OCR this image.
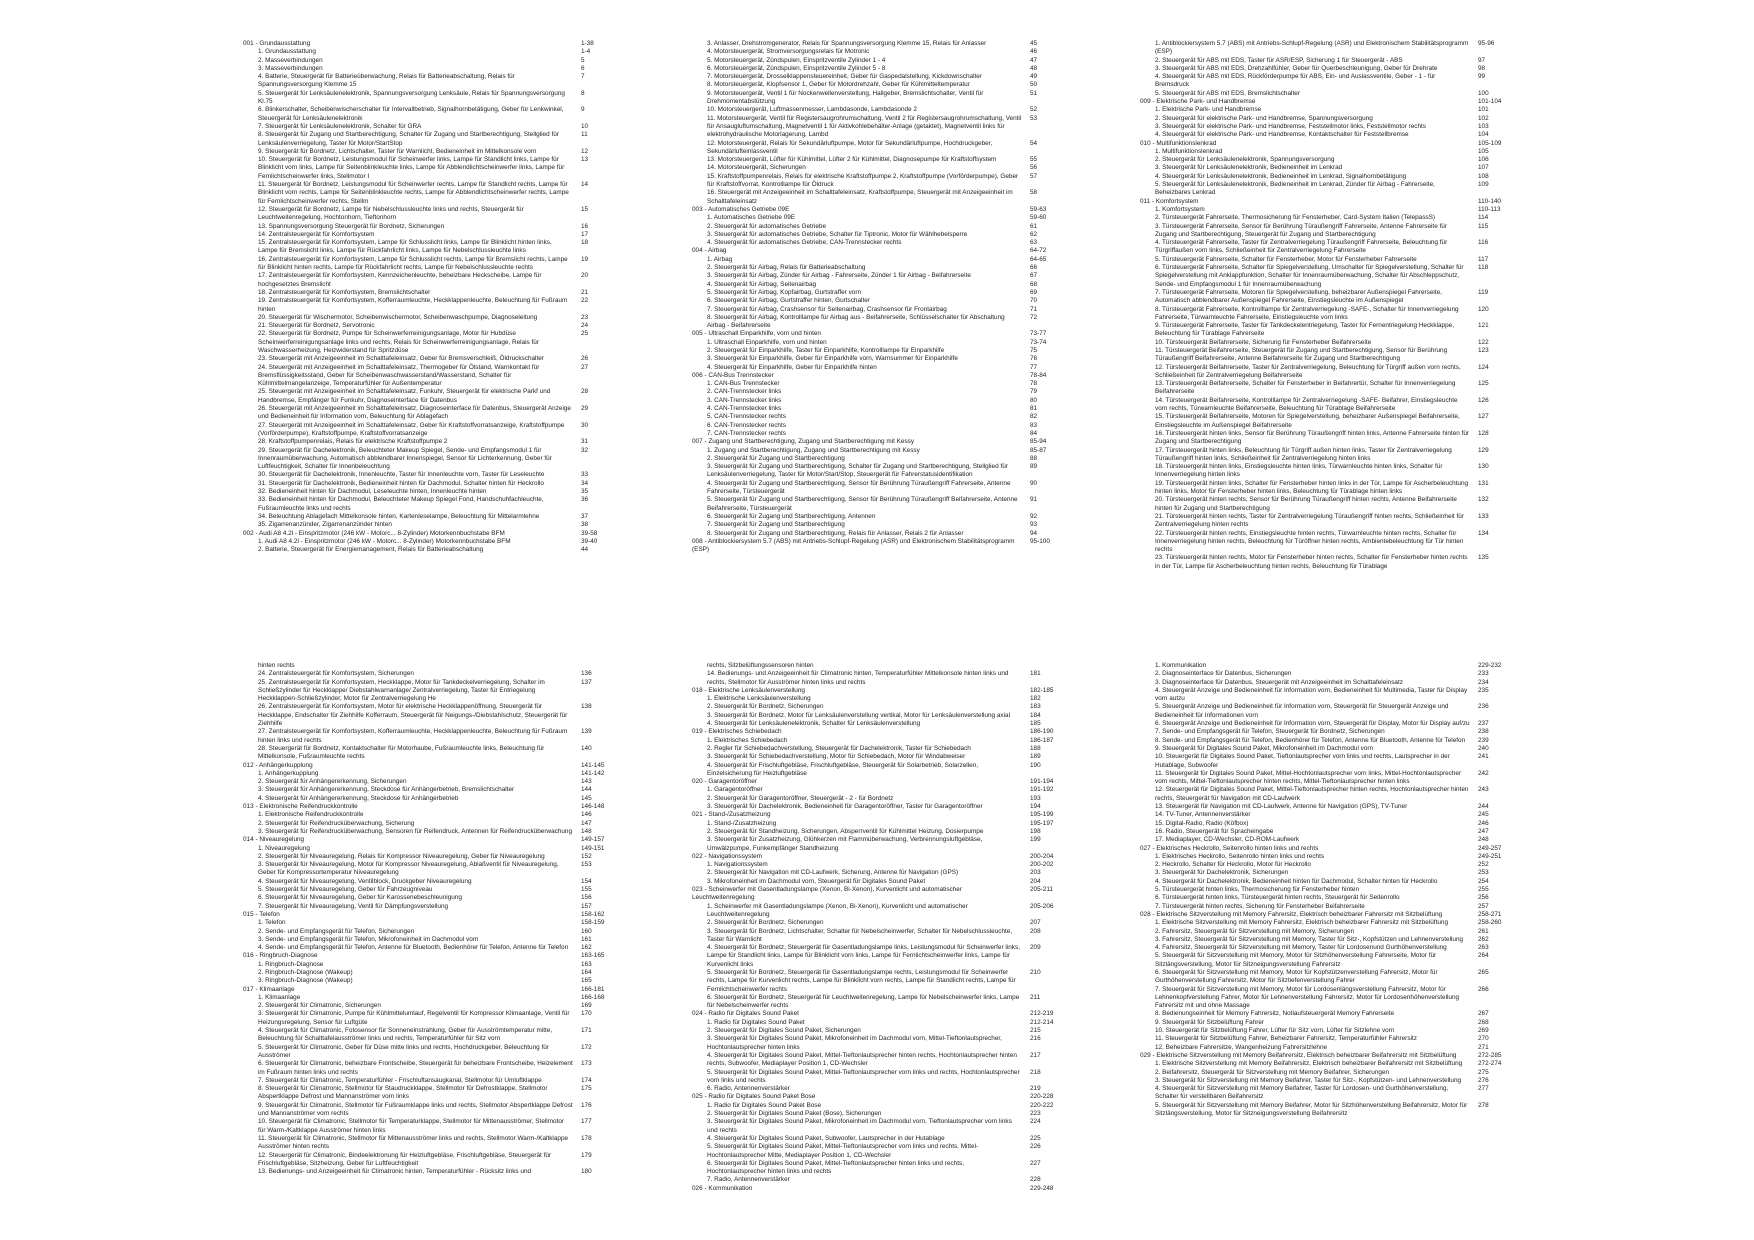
001 - Grundausstattung	1-38
1. Grundausstattung	1-4
2. Masseverbindungen	5
3. Masseverbindungen	6
4. Batterie, Steuergerät für Batterieüberwachung, Relais für Batterieabschaltung, Relais für Spannungsversorgung Klemme 15
7
5. Steuergerät für Lenksäulenelektronik, Spannungsversorgung Lenksäule, Relais für Spannungsversorgung Kl.75
8
6. Blinkerschalter, Scheibenwischerschalter für Intervallbetrieb, Signalhornbetätigung, Geber für Lenkwinkel, Steuergerät für Lenksäulenelektronik
9
7. Steuergerät für Lenksäulenelektronik, Schalter für GRA	10
8. Steuergerät für Zugang und Startberechtigung, Schalter für Zugang und Startberechtigung, Stellglied für Lenksäulenverriegelung, Taster für Motor/StartStop
11
9. Steuergerät für Bordnetz, Lichtschalter, Taster für Warnlicht, Bedieneinheit im Mittelkonsole vorn	12
10. Steuergerät für Bordnetz, Leistungsmodul für Scheinwerfer links, Lampe für Standlicht links, Lampe für Blinklicht vorn links, Lampe für Seitenblinkleuchte links, Lampe für Abblendlichtscheinwerfer links, Lampe für Fernlichtscheinwerfer links, Stellmotor I
13
11. Steuergerät für Bordnetz, Leistungsmodul für Scheinwerfer rechts, Lampe für Standlicht rechts, Lampe für Blinklicht vorn rechts, Lampe für Seitenblinkleuchte rechts, Lampe für Abblendlichtscheinwerfer rechts, Lampe für Fernlichtscheinwerfer rechts, Stellm
14
12. Steuergerät für Bordnetz, Lampe für Nebelschlussleuchte links und rechts, Steuergerät für Leuchtweitenregelung, Hochtonhorn, Tieftonhorn
15
13. Spannungsversorgung Steuergerät für Bordnetz, Sicherungen	16
14. Zentralsteuergerät für Komfortsystem	17
15. Zentralsteuergerät für Komfortsystem, Lampe für Schlusslicht links, Lampe für Blinklicht hinten links, Lampe für Bremslicht links, Lampe für Rückfahrlicht links, Lampe für Nebelschlussleuchte links
18
16. Zentralsteuergerät für Komfortsystem, Lampe für Schlusslicht rechts, Lampe für Bremslicht rechts, Lampe für Blinklicht hinten rechts, Lampe für Rückfahrlicht rechts, Lampe für Nebelschlussleuchte rechts
19
17. Zentralsteuergerät für Komfortsystem, Kennzeichenleuchte, beheizbare Heckscheibe, Lampe für hochgesetztes Bremslicht
20
18. Zentralsteuergerät für Komfortsystem, Bremslichtschalter	21
19. Zentralsteuergerät für Komfortsystem, Kofferraumleuchte, Heckklappenleuchte, Beleuchtung für Fußraum hinten
22
20. Steuergerät für Wischermotor, Scheibenwischermotor, Scheibenwaschpumpe, Diagnoseleitung	23
21. Steuergerät für Bordnetz, Servotronic	24
22. Steuergerät für Bordnetz, Pumpe für Scheinwerferreinigungsanlage, Motor für Hubdüse Scheinwerferreinigungsanlage links und rechts, Relais für Scheinwerferreinigungsanlage, Relais für Waschwasserheizung, Heizwiderstand für Spritzdüse
25
23. Steuergerät mit Anzeigeeinheit im Schalttafeleinsatz, Geber für Bremsverschleiß, Öldruckschalter	26
24. Steuergerät mit Anzeigeeinheit im Schalttafeleinsatz, Thermogeber für Ölstand, Warnkontakt für Bremsflüssigkeitsstand, Geber für Scheibenwaschwasserstand/Wasserstand, Schalter für Kühlmittelmangelanzeige, Temperaturfühler für Außentemperatur
27
25. Steuergerät mit Anzeigeeinheit im Schalttafeleinsatz, Funkuhr, Steuergerät für elektrische Parkf und Handbremse, Empfänger für Funkuhr, Diagnoseinterface für Datenbus
28
26. Steuergerät mit Anzeigeeinheit im Schalttafeleinsatz, Diagnoseinterface für Datenbus, Steuergerät Anzeige und Bedieneinheit für Information vorn, Beleuchtung für Ablagefach
29
27. Steuergerät mit Anzeigeeinheit im Schalttafeleinsatz, Geber für Kraftstoffvorratsanzeige, Kraftstoffpumpe (Vorförderpumpe), Kraftstoffpumpe, Kraftstoffvorratsanzeige
30
28. Kraftstoffpumpenrelais, Relais für elektrische Kraftstoffpumpe 2	31
29. Steuergerät für Dachelektronik, Beleuchteter Makeup Spiegel, Sende- und Empfangsmodul 1 für Innenraumüberwachung, Automatisch abblendbarer Innenspiegel, Sensor für Lichterkennung, Geber für Luftfeuchtigkeit, Schalter für Innenbeleuchtung
32
30. Steuergerät für Dachelektronik, Innenleuchte, Taster für Innenleuchte vorn, Taster für Leseleuchte	33
31. Steuergerät für Dachelektronik, Bedieneinheit hinten für Dachmodul, Schalter hinten für Heckrollo	34
32. Bedieneinheit hinten für Dachmodul, Leseleuchte hinten, Innenleuchte hinten	35
33. Bedieneinheit hinten für Dachmodul, Beleuchteter Makeup Spiegel Fond, Handschuhfachleuchte, Fußraumleuchte links und rechts
36
34. Beleuchtung Ablagefach Mittelkonsole hinten, Kartenleselampe, Beleuchtung für Mittelarmlehne	37
35. Zigarrenanzünder, Zigarrenanzünder hinten	38
002 - Audi A8 4.2l - Einspritzmotor (246 kW - Motorc... 8-Zylinder) Motorkennbuchstabe BFM	39-58
1. Audi A8 4.2l - Einspritzmotor (246 kW - Motorc... 8-Zylinder) Motorkennbuchstabe BFM	39-40
2. Batterie, Steuergerät für Energiemanagement, Relais für Batterieabschaltung	44
3. Anlasser, Drehstromgenerator, Relais für Spannungsversorgung Klemme 15, Relais für Anlasser	45
4. Motorsteuergerät, Stromversorgungsrelais für Motronic	46
5. Motorsteuergerät, Zündspulen, Einspritzventile Zylinder 1 - 4	47
6. Motorsteuergerät, Zündspulen, Einspritzventile Zylinder 5 - 8	48
7. Motorsteuergerät, Drosselklappensteuereinheit, Geber für Gaspedalstellung, Kickdownschalter	49
8. Motorsteuergerät, Klopfsensor 1, Geber für Motordrehzahl, Geber für Kühlmitteltemperatur	50
9. Motorsteuergerät, Ventil 1 für Nockenwellenverstellung, Hallgeber, Bremslichtschalter, Ventil für Drehmomentabstützung
51
10. Motorsteuergerät, Luftmassenmesser, Lambdasonde, Lambdasonde 2	52
11. Motorsteuergerät, Ventil für Registersaugrohrumschaltung, Ventil 2 für Registersaugrohrumschaltung, Ventil für Ansaugluftumschaltung, Magnetventil 1 für Aktivkohlebehälter-Anlage (getaktet), Magnetventil links für elektrohydraulische Motorlagerung, Lambd
53
12. Motorsteuergerät, Relais für Sekundärluftpumpe, Motor für Sekundärluftpumpe, Hochdruckgeber, Sekundärlufteinlassventil
54
13. Motorsteuergerät, Lüfter für Kühlmittel, Lüfter 2 für Kühlmittel, Diagnosepumpe für Kraftstoffsystem	55
14. Motorsteuergerät, Sicherungen	56
15. Kraftstoffpumpenrelais, Relais für elektrische Kraftstoffpumpe 2, Kraftstoffpumpe (Vorförderpumpe), Geber für Kraftstoffvorrat, Kontrolllampe für Öldruck
57
16. Steuergerät mit Anzeigeeinheit im Schalttafeleinsatz, Kraftstoffpumpe, Steuergerät mit Anzeigeeinheit im Schalttafeleinsatz
58
003 - Automatisches Getriebe 09E	59-63
1. Automatisches Getriebe 09E	59-60
2. Steuergerät für automatisches Getriebe	61
3. Steuergerät für automatisches Getriebe, Schalter für Tiptronic, Motor für Wählhebelsperre	62
4. Steuergerät für automatisches Getriebe, CAN-Trennstecker rechts	63
004 - Airbag	64-72
1. Airbag	64-65
2. Steuergerät für Airbag, Relais für Batterieabschaltung	66
3. Steuergerät für Airbag, Zünder für Airbag - Fahrerseite, Zünder 1 für Airbag - Beifahrerseite	67
4. Steuergerät für Airbag, Seitenairbag	68
5. Steuergerät für Airbag, Kopfairbag, Gurtstraffer vorn	69
6. Steuergerät für Airbag, Gurtstraffer hinten, Gurtschalter	70
7. Steuergerät für Airbag, Crashsensor für Seitenairbag, Crashsensor für Frontairbag	71
8. Steuergerät für Airbag, Kontrolllampe für Airbag aus - Beifahrerseite, Schlüsselschalter für Abschaltung Airbag - Beifahrerseite
72
005 - Ultraschall Einparkhilfe, vorn und hinten	73-77
1. Ultraschall Einparkhilfe, vorn und hinten	73-74
2. Steuergerät für Einparkhilfe, Taster für Einparkhilfe, Kontrolllampe für Einparkhilfe	75
3. Steuergerät für Einparkhilfe, Geber für Einparkhilfe vorn, Warnsummer für Einparkhilfe	76
4. Steuergerät für Einparkhilfe, Geber für Einparkhilfe hinten	77
006 - CAN-Bus Trennstecker	78-84
1. CAN-Bus Trennstecker	78
2. CAN-Trennstecker links	79
3. CAN-Trennstecker links	80
4. CAN-Trennstecker links	81
5. CAN-Trennstecker rechts	82
6. CAN-Trennstecker rechts	83
7. CAN-Trennstecker rechts	84
007 - Zugang und Startberechtigung, Zugang und Startberechtigung mit Kessy	85-94
1. Zugang und Startberechtigung, Zugang und Startberechtigung mit Kessy	85-87
2. Steuergerät für Zugang und Startberechtigung	88
3. Steuergerät für Zugang und Startberechtigung, Schalter für Zugang und Startberechtigung, Stellglied für Lenksäulenverriegelung, Taster für Motor/Start/Stop, Steuergerät für Fahrerstatusidentifikation
89
4. Steuergerät für Zugang und Startberechtigung, Sensor für Berührung Türaußengriff Fahrerseite, Antenne Fahrerseite, Türsteuergerät
90
5. Steuergerät für Zugang und Startberechtigung, Sensor für Berührung Türaußengriff Beifahrerseite, Antenne Beifahrerseite, Türsteuergerät
91
6. Steuergerät für Zugang und Startberechtigung, Antennen	92
7. Steuergerät für Zugang und Startberechtigung	93
8. Steuergerät für Zugang und Startberechtigung, Relais für Anlasser, Relais 2 für Anlasser	94
008 - Antiblockiersystem 5.7 (ABS) mit Antriebs-Schlupf-Regelung (ASR) und Elektronischem Stabilitätsprogramm (ESP)
95-100
1. Antiblockiersystem 5.7 (ABS) mit Antriebs-Schlupf-Regelung (ASR) und Elektronischem Stabilitätsprogramm (ESP)
95-96
2. Steuergerät für ABS mit EDS, Taster für ASR/ESP, Sicherung 1 für Steuergerät - ABS	97
3. Steuergerät für ABS mit EDS, Drehzahlfühler, Geber für Querbeschleunigung, Geber für Drehrate	98
4. Steuergerät für ABS mit EDS, Rückförderpumpe für ABS, Ein- und Auslassventile, Geber - 1 - für Bremsdruck
99
5. Steuergerät für ABS mit EDS, Bremslichtschalter	100
009 - Elektrische Park- und Handbremse	101-104
1. Elektrische Park- und Handbremse	101
2. Steuergerät für elektrische Park- und Handbremse, Spannungsversorgung	102
3. Steuergerät für elektrische Park- und Handbremse, Feststellmotor links, Feststellmotor rechts	103
4. Steuergerät für elektrische Park- und Handbremse, Kontaktschalter für Feststellbremse	104
010 - Multifunktionslenkrad	105-109
1. Multifunktionslenkrad	105
2. Steuergerät für Lenksäulenelektronik, Spannungsversorgung	106
3. Steuergerät für Lenksäulenelektronik, Bedieneinheit im Lenkrad	107
4. Steuergerät für Lenksäulenelektronik, Bedieneinheit im Lenkrad, Signalhornbetätigung	108
5. Steuergerät für Lenksäulenelektronik, Bedieneinheit im Lenkrad, Zünder für Airbag - Fahrerseite, Beheizbares Lenkrad
109
011 - Komfortsystem	110-140
1. Komfortsystem	110-113
2. Türsteuergerät Fahrerseite, Thermosicherung für Fensterheber, Card-System Italien (TelepassS)	114
3. Türsteuergerät Fahrerseite, Sensor für Berührung Türaußengriff Fahrerseite, Antenne Fahrerseite für Zugang und Startberechtigung, Steuergerät für Zugang und Startberechtigung
115
4. Türsteuergerät Fahrerseite, Taster für Zentralverriegelung Türaußengriff Fahrerseite, Beleuchtung für Türgriffaußen vorn links, Schließeinheit für Zentralverriegelung Fahrerseite
116
5. Türsteuergerät Fahrerseite, Schalter für Fensterheber, Motor für Fensterheber Fahrerseite	117
6. Türsteuergerät Fahrerseite, Schalter für Spiegelverstellung, Umschalter für Spiegelverstellung, Schalter für Spiegelverstellung mit Anklappfunktion, Schalter für Innenraumüberwachung, Schalter für Abschleppschutz, Sende- und Empfangsmodul 1 für Innenraumüberwachung
118
7. Türsteuergerät Fahrerseite, Motoren für Spiegelverstellung, beheizbarer Außenspiegel Fahrerseite, Automatisch abblendbarer Außenspiegel Fahrerseite, Einstiegsleuchte im Außenspiegel
119
8. Türsteuergerät Fahrerseite, Kontrolllampe für Zentralverriegelung -SAFE-, Schalter für Innenverriegelung Fahrerseite, Türwarnleuchte Fahrerseite, Einstiegsleuchte vorn links
120
9. Türsteuergerät Fahrerseite, Taster für Tankdeckelentriegelung, Taster für Fernentriegelung Heckklappe, Beleuchtung für Türablage Fahrerseite
121
10. Türsteuergerät Beifahrerseite, Sicherung für Fensterheber Beifahrerseite	122
11. Türsteuergerät Beifahrerseite, Steuergerät für Zugang und Startberechtigung, Sensor für Berührung Türaußengriff Beifahrerseite, Antenne Beifahrerseite für Zugang und Startberechtigung
123
12. Türsteuergerät Beifahrerseite, Taster für Zentralverriegelung, Beleuchtung für Türgriff außen vorn rechts, Schließeinheit für Zentralverriegelung Beifahrerseite
124
13. Türsteuergerät Beifahrerseite, Schalter für Fensterheber in Beifahrertür, Schalter für Innenverriegelung Beifahrerseite
125
14. Türsteuergerät Beifahrerseite, Kontrolllampe für Zentralverriegelung -SAFE- Beifahrer, Einstiegsleuchte vorn rechts, Türwarnleuchte Beifahrerseite, Beleuchtung für Türablage Beifahrerseite
126
15. Türsteuergerät Beifahrerseite, Motoren für Spiegelverstellung, beheizbarer Außenspiegel Beifahrerseite, Einstiegsleuchte im Außenspiegel Beifahrerseite
127
16. Türsteuergerät hinten links, Sensor für Berührung Türaußengriff hinten links, Antenne Fahrerseite hinten für Zugang und Startberechtigung
128
17. Türsteuergerät hinten links, Beleuchtung für Türgriff außen hinten links, Taster für Zentralverriegelung Türaußengriff hinten links, Schließeinheit für Zentralverriegelung hinten links
129
18. Türsteuergerät hinten links, Einstiegsleuchte hinten links, Türwarnleuchte hinten links, Schalter für Innenverriegelung hinten links
130
19. Türsteuergerät hinten links, Schalter für Fensterheber hinten links in der Tür, Lampe für Ascherbeleuchtung hinten links, Motor für Fensterheber hinten links, Beleuchtung für Türablage hinten links
131
20. Türsteuergerät hinten rechts, Sensor für Berührung Türaußengriff hinten rechts, Antenne Beifahrerseite hinten für Zugang und Startberechtigung
132
21. Türsteuergerät hinten rechts, Taster für Zentralverriegelung Türaußengriff hinten rechts, Schließeinheit für Zentralverriegelung hinten rechts
133
22. Türsteuergerät hinten rechts, Einstiegsleuchte hinten rechts, Türwarnleuchte hinten rechts, Schalter für Innenverriegelung hinten rechts, Beleuchtung für Türöffner hinten rechts, Ambientebeleuchtung für Tür hinten rechts
134
23. Türsteuergerät hinten rechts, Motor für Fensterheber hinten rechts, Schalter für Fensterheber hinten rechts in der Tür, Lampe für Ascherbeleuchtung hinten rechts, Beleuchtung für Türablage
135
hinten rechts
24. Zentralsteuergerät für Komfortsystem, Sicherungen	136
25. Zentralsteuergerät für Komfortsystem, Heckklappe, Motor für Tankdeckelverriegelung, Schalter im Schließzylinder für Heckklappe/ Diebstahlwarnanlage/ Zentralverriegelung, Taster für Entriegelung Heckklappen-Schließzylinder, Motor für Zentralverriegelung He
137
26. Zentralsteuergerät für Komfortsystem, Motor für elektrische Heckklappenöffnung, Steuergerät für Heckklappe, Endschalter für Ziehhilfe Kofferraum, Steuergerät für Neigungs-/Diebstahlschutz, Steuergerät für Ziehhilfe
138
27. Zentralsteuergerät für Komfortsystem, Kofferraumleuchte, Heckklappenleuchte, Beleuchtung für Fußraum hinten links und rechts
139
28. Steuergerät für Bordnetz, Kontaktschalter für Motorhaube, Fußraumleuchte links, Beleuchtung für Mittelkonsole, Fußraumleuchte rechts
140
012 - Anhängerkupplung	141-145
1. Anhängerkupplung	141-142
2. Steuergerät für Anhängererkennung, Sicherungen	143
3. Steuergerät für Anhängererkennung, Steckdose für Anhängerbetrieb, Bremslichtschalter	144
4. Steuergerät für Anhängererkennung, Steckdose für Anhängerbetrieb	145
013 - Elektronische Reifendruckkontrolle	146-148
1. Elektronische Reifendruckkontrolle	146
2. Steuergerät für Reifendrucküberwachung, Sicherung	147
3. Steuergerät für Reifendrucküberwachung, Sensoren für Reifendruck, Antennen für Reifendrucküberwachung	148
014 - Niveauregelung	149-157
1. Niveauregelung	149-151
2. Steuergerät für Niveauregelung, Relais für Kompressor Niveauregelung, Geber für Niveauregelung	152
3. Steuergerät für Niveauregelung, Motor für Kompressor Niveauregelung, Ablaßventil für Niveauregelung, Geber für Kompressortemperatur Niveauregelung
153
4. Steuergerät für Niveauregelung, Ventilblock, Druckgeber Niveauregelung	154
5. Steuergerät für Niveauregelung, Geber für Fahrzeugniveau	155
6. Steuergerät für Niveauregelung, Geber für Karosseriebeschleunigung	156
7. Steuergerät für Niveauregelung, Ventil für Dämpfungsverstellung	157
015 - Telefon	158-162
1. Telefon	158-159
2. Sende- und Empfangsgerät für Telefon, Sicherungen	160
3. Sende- und Empfangsgerät für Telefon, Mikrofoneinheit im Dachmodul vorn	161
4. Sende- und Empfangsgerät für Telefon, Antenne für Bluetooth, Bedienhörer für Telefon, Antenne für Telefon	162
016 - Ringbruch-Diagnose	163-165
1. Ringbruch-Diagnose	163
2. Ringbruch-Diagnose (Wakeup)	164
3. Ringbruch-Diagnose (Wakeup)	165
017 - Klimaanlage	166-181
1. Klimaanlage	166-168
2. Steuergerät für Climatronic, Sicherungen	169
3. Steuergerät für Climatronic, Pumpe für Kühlmittelumlauf, Regelventil für Kompressor Klimaanlage, Ventil für Heizungsregelung, Sensor für Luftgüte
170
4. Steuergerät für Climatronic, Fotosensor für Sonneneinstrahlung, Geber für Ausströmtemperatur mitte, Beleuchtung für Schalttafelausströmer links und rechts, Temperaturfühler für Sitz vorn
171
5. Steuergerät für Climatronic, Geber für Düse mitte links und rechts, Hochdruckgeber, Beleuchtung für Ausströmer
172
6. Steuergerät für Climatronic, beheizbare Frontscheibe, Steuergerät für beheizbare Frontscheibe, Heizelement im Fußraum hinten links und rechts
173
7. Steuergerät für Climatronic, Temperaturfühler - Frischluftansaugkanal, Stellmotor für Umluftklappe	174
8. Steuergerät für Climatronic, Stellmotor für Staudruckklappe, Stellmotor für Defrostklappe, Stellmotor Abspertklappe Defrost und Mannanströmer vorn links
175
9. Steuergerät für Climatronic, Stellmotor für Fußraumklappe links und rechts, Stellmotor Abspertklappe Defrost und Mannanströmer vorn rechts
176
10. Steuergerät für Climatronic, Stellmotor für Temperaturklappe, Stellmotor für Mittenausströmer, Stellmotor für Warm-/Kaltklappe Ausströmer hinten links
177
11. Steuergerät für Climatronic, Stellmotor für Mittenausströmer links und rechts, Stellmotor Warm-/Kaltklappe Ausströmer hinten rechts
178
12. Steuergerät für Climatronic, Bindeelektronung für Heizluftgebläse, Frischluftgebläse, Steuergerät für Frischluftgebläse, Sitzheizung, Geber für Luftfeuchtigkeit
179
13. Bedienungs- und Anzeigeeinheit für Climatronic hinten, Temperaturfühler - Rücksitz links und	180
rechts, Sitzbelüftungssensoren hinten
14. Bedienungs- und Anzeigeeinheit für Climatronic hinten, Temperaturfühler Mittelkonsole hinten links und rechts, Stellmotor für Ausströmer hinten links und rechts
181
018 - Elektrische Lenksäulenverstellung	182-185
1. Elektrische Lenksäulenverstellung	182
2. Steuergerät für Bordnetz, Sicherungen	183
3. Steuergerät für Bordnetz, Motor für Lenksäulenverstellung vertikal, Motor für Lenksäulenverstellung axial	184
4. Steuergerät für Lenksäulenelektronik, Schalter für Lenksäulenverstellung	185
019 - Elektrisches Schiebedach	186-190
1. Elektrisches Schiebedach	186-187
2. Regler für Schiebedachverstellung, Steuergerät für Dachelektronik, Taster für Schiebedach	188
3. Steuergerät für Schiebedachverstellung, Motor für Schiebedach, Motor für Windabweiser	189
4. Steuergerät für Frischluftgebläse, Frischluftgebläse, Steuergerät für Solarbetrieb, Solarzellen, Einzelsicherung für Heizluftgebläse
190
020 - Garagentoröffner	191-194
1. Garagentoröffner	191-192
2. Steuergerät für Garagentoröffner, Steuergerät - 2 - für Bordnetz	193
3. Steuergerät für Dachelektronik, Bedieneinheit für Garagentoröffner, Taster für Garagentoröffner	194
021 - Stand-/Zusatzheizung	195-199
1. Stand-/Zusatzheizung	195-197
2. Steuergerät für Standheizung, Sicherungen, Absperrventil für Kühlmittel Heizung, Dosierpumpe	198
3. Steuergerät für Zusatzheizung, Glühkerzen mit Flammüberwachung, Verbrennungsluftgebläse, Umwälzpumpe, Funkempfänger Standheizung
199
022 - Navigationssystem	200-204
1. Navigationssystem	200-202
2. Steuergerät für Navigation mit CD-Laufwerk, Sicherung, Antenne für Navigation (GPS)	203
3. Mikrofoneinheit im Dachmodul vorn, Steuergerät für Digitales Sound Paket	204
023 - Scheinwerfer mit Gasentladungslampe (Xenon, Bi-Xenon), Kurvenlicht und automatischer Leuchtweitenregelung
205-211
1. Scheinwerfer mit Gasentladungslampe (Xenon, Bi-Xenon), Kurvenlicht und automatischer Leuchtweitenregelung
205-206
2. Steuergerät für Bordnetz, Sicherungen	207
3. Steuergerät für Bordnetz, Lichtschalter, Schalter für Nebelscheinwerfer, Schalter für Nebelschlussleuchte, Taster für Warnlicht
208
4. Steuergerät für Bordnetz, Steuergerät für Gasentladungslampe links, Leistungsmodul für Scheinwerfer links, Lampe für Standlicht links, Lampe für Blinklicht vorn links, Lampe für Fernlichtscheinwerfer links, Lampe für Kurvenlicht links
209
5. Steuergerät für Bordnetz, Steuergerät für Gasentladungslampe rechts, Leistungsmodul für Scheinwerfer rechts, Lampe für Kurvenlicht rechts, Lampe für Blinklicht vorn rechts, Lampe für Standlicht rechts, Lampe für Fernlichtscheinwerfer rechts
210
6. Steuergerät für Bordnetz, Steuergerät für Leuchtweitenregelung, Lampe für Nebelscheinwerfer links, Lampe für Nebelscheinwerfer rechts
211
024 - Radio für Digitales Sound Paket	212-219
1. Radio für Digitales Sound Paket	212-214
2. Steuergerät für Digitales Sound Paket, Sicherungen	215
3. Steuergerät für Digitales Sound Paket, Mikrofoneinheit im Dachmodul vorn, Mittel-Tieftonlautsprecher, Hochtonlautsprecher hinten links
216
4. Steuergerät für Digitales Sound Paket, Mittel-Tieftonlautsprecher hinten rechts, Hochtonlautsprecher hinten rechts, Subwoofer, Mediaplayer Position 1, CD-Wechsler
217
5. Steuergerät für Digitales Sound Paket, Mittel-Tieftonlautsprecher vorn links und rechts, Hochtonlautsprecher vorn links und rechts
218
6. Radio, Antennenverstärker	219
025 - Radio für Digitales Sound Paket Bose	220-228
1. Radio für Digitales Sound Paket Bose	220-222
2. Steuergerät für Digitales Sound Paket (Bose), Sicherungen	223
3. Steuergerät für Digitales Sound Paket, Mikrofoneinheit im Dachmodul vorn, Tieftonlautsprecher vorn links und rechts
224
4. Steuergerät für Digitales Sound Paket, Subwoofer, Lautsprecher in der Hutablage	225
5. Steuergerät für Digitales Sound Paket, Mittel-Tieftonlautsprecher vorn links und rechts, Mittel-Hochtonlautsprecher Mitte, Mediaplayer Position 1, CD-Wechsler
226
6. Steuergerät für Digitales Sound Paket, Mittel-Tieftonlautsprecher hinten links und rechts, Hochtonlautsprecher hinten links und rechts
227
7. Radio, Antennenverstärker	228
026 - Kommunikation	229-248
1. Kommunikation	229-232
2. Diagnoseinterface für Datenbus, Sicherungen	233
3. Diagnoseinterface für Datenbus, Steuergerät mit Anzeigeeinheit im Schalttafeleinsatz	234
4. Steuergerät Anzeige und Bedieneinheit für Information vorn, Bedieneinheit für Multimedia, Taster für Display vorn autzu
235
5. Steuergerät Anzeige und Bedieneinheit für Information vorn, Steuergerät für Steuergerät Anzeige und Bedieneinheit für Informationen vorn
236
6. Steuergerät Anzeige und Bedieneinheit für Information vorn, Steuergerät für Display, Motor für Display auf/zu	237
7. Sende- und Empfangsgerät für Telefon, Steuergerät für Bordnetz, Sicherungen	238
8. Sende- und Empfangsgerät für Telefon, Bedienhörer für Telefon, Antenne für Bluetooth, Antenne für Telefon	239
9. Steuergerät für Digitales Sound Paket, Mikrofoneinheit im Dachmodul vorn	240
10. Steuergerät für Digitales Sound Paket, Tieftonlautsprecher vorn links und rechts, Lautsprecher in der Hutablage, Subwoofer
241
11. Steuergerät für Digitales Sound Paket, Mittel-Hochtonlautsprecher vorn links, Mittel-Hochtonlautsprecher vorn rechts, Mittel-Tieftonlautsprecher hinten rechts, Mittel-Tieftonlautsprecher hinten links
242
12. Steuergerät für Digitales Sound Paket, Mittel-Tieftonlautsprecher hinten rechts, Hochtonlautsprecher hinten rechts, Steuergerät für Navigation mit CD-Laufwerk
243
13. Steuergerät für Navigation mit CD-Laufwerk, Antenne für Navigation (GPS), TV-Tuner	244
14. TV-Tuner, Antennenverstärker	245
15. Digital-Radio, Radio (Köfbox)	246
16. Radio, Steuergerät für Spracheingabe	247
17. Mediaplayer, CD-Wechsler, CD-ROM-Laufwerk	248
027 - Elektrisches Heckrollo, Seitenrollo hinten links und rechts	249-257
1. Elektrisches Heckrollo, Seitenrollo hinten links und rechts	249-251
2. Heckrollo, Schalter für Heckrollo, Motor für Heckrollo	252
3. Steuergerät für Dachelektronik, Sicherungen	253
4. Steuergerät für Dachelektronik, Bedieneinheit hinten für Dachmodul, Schalter hinten für Heckrollo	254
5. Türsteuergerät hinten links, Thermosicherung für Fensterheber hinten	255
6. Türsteuergerät hinten links, Türsteuergerät hinten rechts, Steuergerät für Seitenrollo	256
7. Türsteuergerät hinten rechts, Sicherung für Fensterheber Beifahrerseite	257
028 - Elektrische Sitzverstellung mit Memory Fahrersitz, Elektrisch beheizbarer Fahrersitz mit Sitzbelüftung	258-271
1. Elektrische Sitzverstellung mit Memory Fahrersitz, Elektrisch beheizbarer Fahrersitz mit Sitzbelüftung	258-260
2. Fahrersitz, Steuergerät für Sitzverstellung mit Memory, Sicherungen	261
3. Fahrersitz, Steuergerät für Sitzverstellung mit Memory, Taster für Sitz-, Kopfstützen und Lehnenverstellung	262
4. Fahrersitz, Steuergerät für Sitzverstellung mit Memory, Taster für Lordosenund Gurthöhenverstellung	263
5. Steuergerät für Sitzverstellung mit Memory, Motor für Sitzhöhenverstellung Fahrerseite, Motor für Sitzlängsverstellung, Motor für Sitzneigungsverstellung Fahrersitz
264
6. Steuergerät für Sitzverstellung mit Memory, Motor für Kopfstützenverstellung Fahrersitz, Motor für Gurthöhenverstellung Fahrersitz, Motor für Sitztiefenverstellung Fahrer
265
7. Steuergerät für Sitzverstellung mit Memory, Motor für Lordosenlängsverstellung Fahrersitz, Motor für Lehnenkopfverstellung Fahrer, Motor für Lehnenverstellung Fahrersitz, Motor für Lordosenhöhenverstellung Fahrersitz mit und ohne Massage
266
8. Bedienungseinheit für Memory Fahrersitz, Notlaufsteuergerät Memory Fahrerseite	267
9. Steuergerät für Sitzbelüftung Fahrer	268
10. Steuergerät für Sitzbelüftung Fahrer, Lüfter für Sitz vorn, Lüfter für Sitzlehne vorn	269
11. Steuergerät für Sitzbelüftung Fahrer, Beheizbarer Fahrersitz, Temperaturfühler Fahrersitz	270
12. Beheizbare Fahrersitze, Wangenheizung Fahrersitzlehne	271
029 - Elektrische Sitzverstellung mit Memory Beifahrersitz, Elektrisch beheizbarer Beifahrersitz mit Sitzbelüftung	272-285
1. Elektrische Sitzverstellung mit Memory Beifahrersitz, Elektrisch beheizbarer Beifahrersitz mit Sitzbelüftung	272-274
2. Beifahrersitz, Steuergerät für Sitzverstellung mit Memory Beifahrer, Sicherungen	275
3. Steuergerät für Sitzverstellung mit Memory Beifahrer, Taster für Sitz-, Kopfstützen- und Lehnenverstellung	276
4. Steuergerät für Sitzverstellung mit Memory Beifahrer, Taster für Lordosen- und Gurthöhenverstellung, Schalter für verstellbaren Beifahrersitz
277
5. Steuergerät für Sitzverstellung mit Memory Beifahrer, Motor für Sitzhöhenverstellung Beifahrersitz, Motor für Sitzlängsverstellung, Motor für Sitzneigungsverstellung Beifahrersitz
278
